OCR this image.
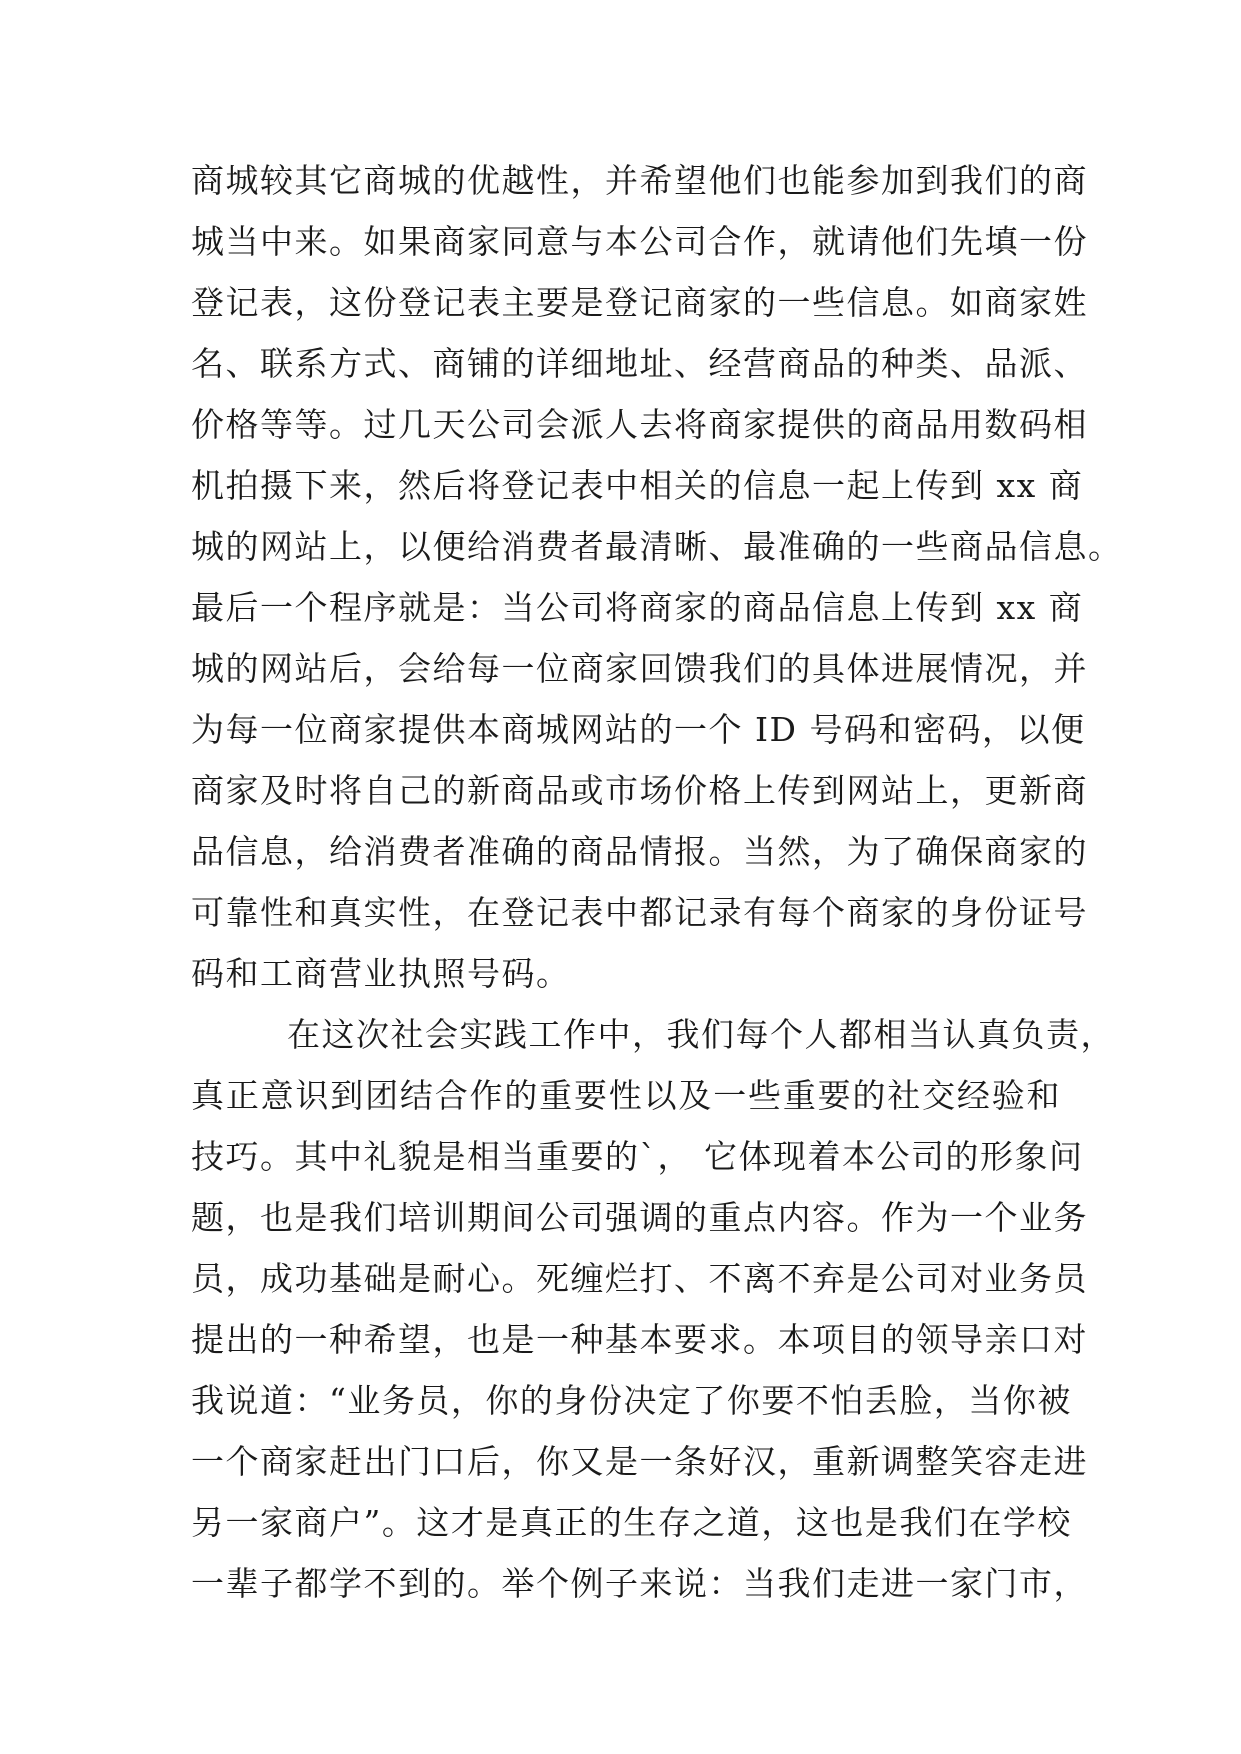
商城较其它商城的优越性，并希望他们也能参加到我们的商
城当中来。如果商家同意与本公司合作，就请他们先填一份
登记表，这份登记表主要是登记商家的一些信息。如商家姓
名、联系方式、商铺的详细地址、经营商品的种类、品派、
价格等等。过几天公司会派人去将商家提供的商品用数码相
机拍摄下来，然后将登记表中相关的信息一起上传到 xx 商
城的网站上，以便给消费者最清晰、最准确的一些商品信息。
最后一个程序就是：当公司将商家的商品信息上传到 xx 商
城的网站后，会给每一位商家回馈我们的具体进展情况，并
为每一位商家提供本商城网站的一个 ID 号码和密码，以便
商家及时将自己的新商品或市场价格上传到网站上，更新商
品信息，给消费者准确的商品情报。当然，为了确保商家的
可靠性和真实性，在登记表中都记录有每个商家的身份证号
码和工商营业执照号码。
在这次社会实践工作中，我们每个人都相当认真负责，
真正意识到团结合作的重要性以及一些重要的社交经验和
技巧。其中礼貌是相当重要的`， 它体现着本公司的形象问
题，也是我们培训期间公司强调的重点内容。作为一个业务
员，成功基础是耐心。死缠烂打、不离不弃是公司对业务员
提出的一种希望，也是一种基本要求。本项目的领导亲口对
我说道：“业务员，你的身份决定了你要不怕丢脸，当你被
一个商家赶出门口后，你又是一条好汉，重新调整笑容走进
另一家商户”。这才是真正的生存之道，这也是我们在学校
一辈子都学不到的。举个例子来说：当我们走进一家门市，
